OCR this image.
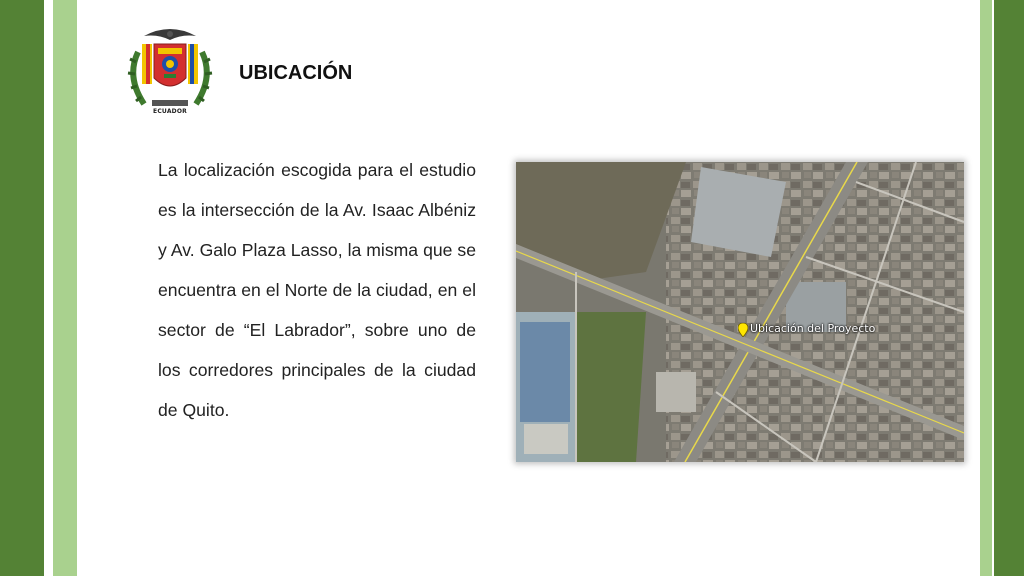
ECUADOR
UBICACIÓN

La localización escogida para el estudio es la intersección de la Av. Isaac Albéniz y Av. Galo Plaza Lasso, la misma que se encuentra en el Norte de la ciudad, en el sector de “El Labrador”, sobre uno de los corredores principales de la ciudad de Quito.

Ubicación del Proyecto
